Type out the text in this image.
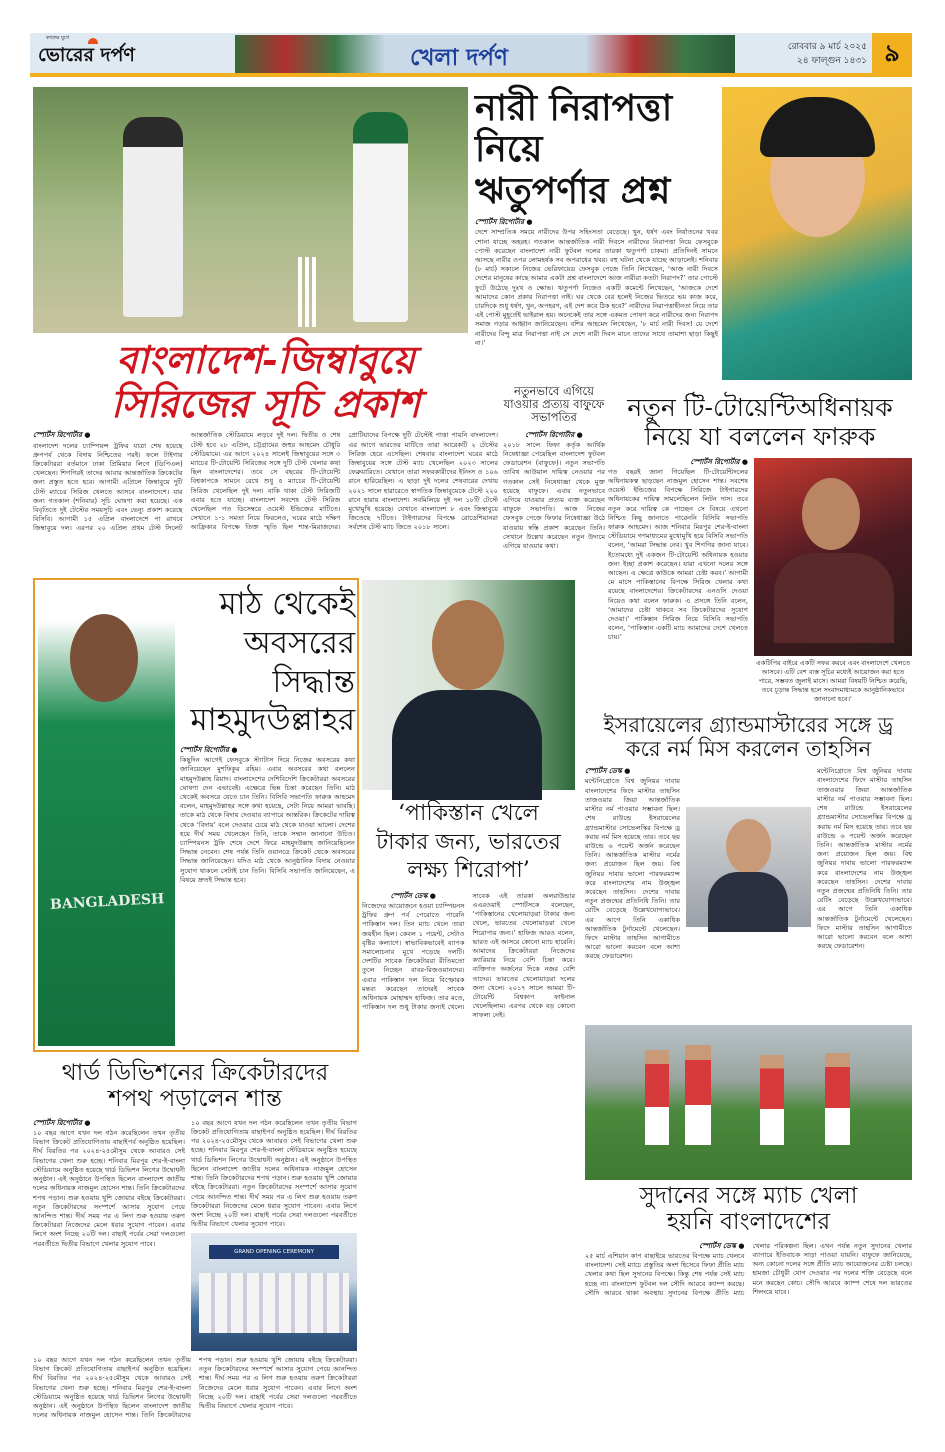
কালের যুগে
ভোরের দর্পণ	খেলা দর্পণ	রোববার ৯ মার্চ ২০২৫
২৪ ফাল্গুন ১৪৩১ ৯
বাংলাদেশ-জিম্বাবুয়ে
সিরিজের সূচি প্রকাশ
স্পোর্টস রিপোর্টার ●
বাংলাদেশ দলের চ্যাম্পিয়ন্স ট্রফির যাত্রা শেষ হয়েছে গ্রুপপর্ব থেকে বিদায় নিশ্চিতের পরই। ফলে টাইগার ক্রিকেটাররা বর্তমানে ঢাকা প্রিমিয়ার লিগে (ডিপিএল) খেলছেন। শিগগিরই তাদের আবার আন্তর্জাতিক ক্রিকেটের জন্য প্রস্তুত হতে হবে। আগামী এপ্রিলে জিম্বাবুয়ে দুটি টেস্ট ম্যাচের সিরিজ খেলতে আসবে বাংলাদেশে। যার জন্য গতকাল (শনিবার) সূচি ঘোষণা করা হয়েছে। এক বিবৃতিতে দুই টেস্টের সময়সূচি এবং ভেন্যু প্রকাশ করেছে বিসিবি। আগামী ১৫ এপ্রিল বাংলাদেশে পা রাখবে জিম্বাবুয়ে দল। এরপর ২০ এপ্রিল প্রথম টেস্ট সিলেট আন্তর্জাতিক স্টেডিয়ামে লড়বে দুই দল। দ্বিতীয় ও শেষ টেস্ট হবে ২৮ এপ্রিল, চট্টগ্রামের জহুর আহমেদ চৌধুরি স্টেডিয়ামে। এর আগে ২০২৪ সালেই জিম্বাবুয়ের সঙ্গে ৩ ম্যাচের টি-টোয়েন্টি সিরিজের সঙ্গে দুটি টেস্ট খেলার কথা ছিল বাংলাদেশের। তবে সে বছরের টি-টোয়েন্টি বিশ্বকাপকে সামনে রেখে শুধু ৫ ম্যাচের টি-টোয়েন্টি সিরিজ খেলেছিল দুই দল। বাকি থাকা টেস্ট সিরিজটি এবার হতে যাচ্ছে। বাংলাদেশ সবশেষ টেস্ট সিরিজ খেলেছিল গত ডিসেম্বরে ওয়েস্ট ইন্ডিজের মাটিতে। সেখানে ১-১ সমতা নিয়ে ফিরলেও, ঘরের মাঠে দক্ষিণ আফ্রিকার বিপক্ষে তিক্ত স্মৃতি ছিল শান্ত-মিরাজদের। প্রোটিয়াদের বিপক্ষে দুটি টেস্টেই পাত্তা পায়নি বাংলাদেশ। এর আগে ভারতের মাটিতে তারা আরেকটি ২ টেস্টের সিরিজ হেরে এসেছিল। শেষবার বাংলাদেশ ঘরের মাঠে জিম্বাবুয়ের সঙ্গে টেস্ট ম্যাচ খেলেছিল ২০২৩ সালের ফেব্রুয়ারিতে। যেখানে তারা সফরকারীদের ইনিংস ও ১০৬ রানে হারিয়েছিল। এ ছাড়া দুই দলের শেষবারের দেখায় ২০২১ সালে হারারেতে স্বাগতিক জিম্বাবুয়েকে টেস্টে ২২০ রানে হারায় বাংলাদেশ। সবমিলিয়ে দুই দল ১৮টি টেস্টে মুখোমুখি হয়েছে। যেখানে বাংলাদেশ ৮ এবং জিম্বাবুয়ে জিতেছে ৭টিতে। টাইগারদের বিপক্ষে রোডেশিয়ানরা সর্বশেষ টেস্ট ম্যাচ জিতে ২০১৮ সালে।
নারী নিরাপত্তা নিয়ে
ঋতুপর্ণার প্রশ্ন
স্পোর্টস রিপোর্টার ●
দেশে সাম্প্রতিক সময়ে নারীদের উপর সহিংসতা বেড়েছে। খুন, ধর্ষণ এবং নির্যাতনের খবর শোনা যাচ্ছে অহরহ। গতকাল আন্তর্জাতিক নারী দিবসে নারীদের নিরাপত্তা নিয়ে ফেসবুকে পোস্ট করেছেন বাংলাদেশ নারী ফুটবল দলের তারকা ঋতুপর্ণা চাকমা। প্রতিদিনই সামনে আসছে নারীর ওপর লোমহর্ষক সব অপরাধের খবর। বহু ঘটনা থেকে যাচ্ছে আড়ালেই। শনিবার (৮ মার্চ) সকালে নিজের ভেরিফায়েড ফেসবুক পেজে তিনি লিখেছেন, ‘আজ নারী দিবসে দেশের মানুষের কাছে আমার একটা প্রশ্ন বাংলাদেশে আজ নারীরা কতটা নিরাপদ?’ তার পোস্টে ফুটে উঠেছে দুঃখ ও ক্ষোভ। ঋতুপর্ণা নিজেও একটি কমেন্টে লিখেছেন, ‘আজকে দেশে আমাদের কোন প্রকার নিরাপত্তা নাই। ঘর থেকে বের হলেই নিজের ভিতরে ভয় কাজ করে, চারদিকে শুধু ধর্ষণ, খুন, অপহরণ, এই দেশ কবে ঠিক হবে?’ নারীদের নিরাপত্তাহীনতা নিয়ে তার এই পোস্ট মুহূর্তেই ভাইরাল হয়। অনেকেই তার সঙ্গে একমত পোষণ করে নারীদের জন্য নিরাপদ সমাজ গড়ার আহ্বান জানিয়েছেন। বশির আহমেদ লিখেছেন, ‘৮ মার্চ নারী দিবস! যে দেশে নারীদের বিন্দু মাত্র নিরাপত্তা নাই সে দেশে নারী দিবস মানে তাদের সাথে তামাশা ছাড়া কিছুই না।’
নতুনভাবে এগিয়ে যাওয়ার প্রত্যয় বাফুফে সভাপতির
স্পোর্টস রিপোর্টার ●
২০১৮ সালে ফিফা কর্তৃক আর্থিক নিষেধাজ্ঞা পেয়েছিল বাংলাদেশ ফুটবল ফেডারেশন (বাফুফে)। নতুন সভাপতি তাবিথ আউয়াল দায়িত্ব নেওয়ার পর গতকাল সেই নিষেধাজ্ঞা থেকে মুক্ত হয়েছে বাফুফে। এবার নতুনভাবে এগিয়ে যাওয়ার প্রত্যয় ব্যক্ত করেছেন বাফুফে সভাপতি। আজ নিজের ফেসবুক পেজে ফিফার নিষেধাজ্ঞা উঠে যাওয়ায় স্বস্তি প্রকাশ করেছেন তিনি। সেখানে উল্লেখ করেছেন নতুন উদ্যমে এগিয়ে যাওয়ার কথা।
নতুন টি-টোয়েন্টিঅধিনায়ক
নিয়ে যা বললেন ফারুক
স্পোর্টস রিপোর্টার ●
গত বছরই জানা গিয়েছিল টি-টোয়েন্টিদলের অধিনায়কত্ব ছাড়ছেন নাজমুল হোসেন শান্ত। সবশেষ ওয়েস্ট ইন্ডিজের বিপক্ষে সিরিজে টাইগারদের অধিনায়কের দায়িত্ব সামলেছিলেন লিটন দাস। তবে নতুন করে দায়িত্ব কে পাচ্ছেন সে বিষয়ে এখনো নিশ্চিত কিছু জানাতে পারেননি বিসিবি সভাপতি ফারুক আহমেদ। আজ শনিবার মিরপুর শের-ই-বাংলা স্টেডিয়ামে গণমাধ্যমের মুখোমুখি হয়ে বিসিবি সভাপতি বলেন, ‘আমরা সিদ্ধান্ত নেব। খুব শিগগির জানা যাবে। ইতোমধ্যে দুই একজন টি-টোয়েন্টি অধিনায়ক হওয়ার জন্য ইচ্ছা প্রকাশ করেছেন। যারা এখনো দলের সঙ্গে আছেন। এ ক্ষেত্রে কাউকে আমরা চেষ্টা করব।’ আগামী মে মাসে পাকিস্তানের বিপক্ষে সিরিজ খেলার কথা রয়েছে বাংলাদেশের। ক্রিকেটারদের এনওসি দেওয়া নিয়েও কথা বলেন ফারুক। এ প্রসঙ্গে তিনি বলেন, ‘আমাদের চেষ্টা থাকবে সব ক্রিকেটারদের সুযোগ দেওয়া।’ পাকিস্তান সিরিজ নিয়ে বিসিবি সভাপতি বলেন, ‘পাকিস্তান একটি ম্যাচ আমাদের দেশে খেলতে চায়।’
একটিপির বাইরে একটি সফর করবে এবং বাংলাদেশে খেলতে আসবে। এটি বেশ ব্যস্ত সূচির মধ্যেই আয়োজন করা হতে পারে, সম্ভবত জুলাই মাসে। আমরা বিষয়টি নিশ্চিত করেছি, তবে চূড়ান্ত সিদ্ধান্ত হলে সংবাদমাধ্যমকে আনুষ্ঠানিকভাবে জানানো হবে।’
BANGLADESH
মাঠ থেকেই
অবসরের সিদ্ধান্ত
মাহমুদউল্লাহর
স্পোর্টস রিপোর্টার ●
কিছুদিন আগেই ফেসবুকে স্ট্যাটাস দিয়ে নিজের অবসরের কথা জানিয়েছেন মুশফিকুর রহিম। এবার অবসরের কথা বললেন মাহমুদউল্লাহ রিয়াদ। বাংলাদেশের দেশিবিদেশি ক্রিকেটাররা অবসরের ঘোষণা দেন এভাবেই। এক্ষেত্রে ভিন্ন চিন্তা করেছেন তিনি। মাঠ থেকেই অবসরে যেতে চান তিনি। বিসিবি সভাপতি ফারুক আহমেদ বলেন, মাহমুদউল্লাহর সঙ্গে কথা হয়েছে, সেটা নিয়ে আমরা ভাবছি। তাকে মাঠ থেকে বিদায় দেওয়ার ব্যাপারে আন্তরিক। ক্রিকেটের দায়িত্ব থেকে ‘বিদায়’ বলে দেওয়ার চেয়ে মাঠ থেকে যাওয়া ভালো। দেশের হয়ে দীর্ঘ সময় খেলেছেন তিনি, তাকে সম্মান জানানো উচিত। চ্যাম্পিয়নস ট্রফি শেষে দেশে ফিরে মাহমুদউল্লাহ জানিয়েছিলেন সিদ্ধান্ত নেবেন। শেষ পর্যন্ত তিনি ওয়ানডে ক্রিকেট থেকে অবসরের সিদ্ধান্ত জানিয়েছেন। যদিও মাঠ থেকে আনুষ্ঠানিক বিদায় নেওয়ার সুযোগ থাকলে সেটাই চান তিনি। বিসিবি সভাপতি জানিয়েছেন, এ বিষয়ে দ্রুতই সিদ্ধান্ত হবে।
‘পাকিস্তান খেলে
টাকার জন্য, ভারতের
লক্ষ্য শিরোপা’
স্পোর্টস ডেস্ক ●
নিজেদের আয়োজনে হওয়া চ্যাম্পিয়নস ট্রফির গ্রুপ পর্ব পেরোতে পারেনি পাকিস্তান দল। তিন ম্যাচ খেলে তারা জয়হীন ছিল। কেবল ১ পয়েন্ট, সেটাও বৃষ্টির কল্যাণে। স্বাভাবিকভাবেই ব্যাপক সমালোচনার মুখে পড়েছে দলটি। দেশটির সাবেক ক্রিকেটাররা রীতিমতো তুলে নিচ্ছেন বাবর-রিজওয়ানদের। এবার পাকিস্তান দল নিয়ে বিস্ফোরক মন্তব্য করেছেন তাদেরই সাবেক অধিনায়ক মোহাম্মদ হাফিজ। তার মতে, পাকিস্তান দল শুধু টাকার জন্যই খেলে। সাবেক এই তারকা অলরাউন্ডার এএরওয়াই স্পোর্টসকে বলেছেন, ‘পাকিস্তানের খেলোয়াড়রা টাকার জন্য খেলে, ভারতের খেলোয়াড়রা খেলে শিরোপার জন্য।’ হাফিজ আরও বলেন, ভারত এই আসরে কোনো ম্যাচ হারেনি। আমাদের ক্রিকেটাররা নিজেদের ক্যারিয়ার নিয়ে বেশি চিন্তা করে। ব্যক্তিগত অর্জনের দিকে নজর বেশি তাদের। ভারতের খেলোয়াড়রা দলের জন্য খেলে। ২০১৭ সালে আমরা টি-টোয়েন্টি বিশ্বকাপ ফাইনাল খেলেছিলাম। এরপর থেকে বড় কোনো সাফল্য নেই।
ইসরায়েলের গ্র্যান্ডমাস্টারের সঙ্গে ড্র
করে নর্ম মিস করলেন তাহসিন
স্পোর্টস ডেস্ক ●
মন্টেনিগ্রোতে বিশ্ব জুনিয়র দাবায় বাংলাদেশের ফিদে মাস্টার তাহসিন তাজওয়ার জিয়া আন্তর্জাতিক মাস্টার নর্ম পাওয়ার সম্ভাবনা ছিল। শেষ রাউন্ডে ইসরায়েলের গ্র্যান্ডমাস্টার সোভেলস্কির বিপক্ষে ড্র করায় নর্ম মিস হয়েছে তার। তবে ছয় রাউন্ডে ৬ পয়েন্ট অর্জন করেছেন তিনি। আন্তর্জাতিক মাস্টার নর্মের জন্য প্রয়োজন ছিল জয়। বিশ্ব জুনিয়র দাবায় ভালো পারফরম্যান্স করে বাংলাদেশের নাম উজ্জ্বল করেছেন তাহসিন। দেশের দাবায় নতুন প্রজন্মের প্রতিনিধি তিনি। তার রেটিং বেড়েছে উল্লেখযোগ্যভাবে। এর আগে তিনি একাধিক আন্তর্জাতিক টুর্নামেন্টে খেলেছেন। ফিদে মাস্টার তাহসিন আগামীতে আরো ভালো করবেন বলে আশা করছে ফেডারেশন।
মন্টেনিগ্রোতে বিশ্ব জুনিয়র দাবায় বাংলাদেশের ফিদে মাস্টার তাহসিন তাজওয়ার জিয়া আন্তর্জাতিক মাস্টার নর্ম পাওয়ার সম্ভাবনা ছিল। শেষ রাউন্ডে ইসরায়েলের গ্র্যান্ডমাস্টার সোভেলস্কির বিপক্ষে ড্র করায় নর্ম মিস হয়েছে তার। তবে ছয় রাউন্ডে ৬ পয়েন্ট অর্জন করেছেন তিনি। আন্তর্জাতিক মাস্টার নর্মের জন্য প্রয়োজন ছিল জয়। বিশ্ব জুনিয়র দাবায় ভালো পারফরম্যান্স করে বাংলাদেশের নাম উজ্জ্বল করেছেন তাহসিন। দেশের দাবায় নতুন প্রজন্মের প্রতিনিধি তিনি। তার রেটিং বেড়েছে উল্লেখযোগ্যভাবে। এর আগে তিনি একাধিক আন্তর্জাতিক টুর্নামেন্টে খেলেছেন। ফিদে মাস্টার তাহসিন আগামীতে আরো ভালো করবেন বলে আশা করছে ফেডারেশন।
সুদানের সঙ্গে ম্যাচ খেলা
হয়নি বাংলাদেশের
স্পোর্টস ডেস্ক ●
২৫ মার্চ এশিয়ান কাপ বাছাইয়ে ভারতের বিপক্ষে ম্যাচ খেলবে বাংলাদেশ। সেই ম্যাচে প্রস্তুতির অংশ হিসেবে ফিফা প্রীতি ম্যাচ খেলার কথা ছিল সুদানের বিপক্ষে। কিন্তু শেষ পর্যন্ত সেই ম্যাচ হচ্ছে না। বাংলাদেশ ফুটবল দল সৌদি আরবে ক্যাম্প করছে। সৌদি আরবে থাকা অবস্থায় সুদানের বিপক্ষে প্রীতি ম্যাচ খেলার পরিকল্পনা ছিল। এখন পর্যন্ত নতুন সুদানের খেলার ব্যাপারে ইতিবাচক সাড়া পাওয়া যায়নি। বাফুফে জানিয়েছে, অন্য কোনো দলের সঙ্গে প্রীতি ম্যাচ আয়োজনের চেষ্টা চলছে। হামজা চৌধুরী যোগ দেওয়ার পর দলের শক্তি বেড়েছে বলে মনে করছেন কোচ। সৌদি আরবে ক্যাম্প শেষে দল ভারতের শিলংয়ে যাবে।
থার্ড ডিভিশনের ক্রিকেটারদের
শপথ পড়ালেন শান্ত
স্পোর্টস রিপোর্টার ●
১০ বছর আগে যখন দল গঠন করেছিলেন তখন তৃতীয় বিভাগ ক্রিকেট প্রতিযোগিতায় বাছাইপর্ব অনুষ্ঠিত হয়েছিল। দীর্ঘ বিরতির পর ২০২৪-২৫মৌসুম থেকে আবারও সেই বিভাগের খেলা শুরু হচ্ছে। শনিবার মিরপুর শের-ই-বাংলা স্টেডিয়ামে অনুষ্ঠিত হয়েছে থার্ড ডিভিশন লিগের উদ্বোধনী অনুষ্ঠান। এই অনুষ্ঠানে উপস্থিত ছিলেন বাংলাদেশ জাতীয় দলের অধিনায়ক নাজমুল হোসেন শান্ত। তিনি ক্রিকেটারদের শপথ পড়ান। শুরু হওয়ায় খুশি জোয়ার বইছে ক্রিকেটাররা। নতুন ক্রিকেটারদের সংস্পর্শে আসার সুযোগ পেয়ে আনন্দিত শান্ত। দীর্ঘ সময় পর এ লিগ শুরু হওয়ায় তরুণ ক্রিকেটাররা নিজেদের মেলে ধরার সুযোগ পাবেন। এবার লিগে অংশ নিচ্ছে ২০টি দল। বাছাই পর্বের সেরা দলগুলো পরবর্তীতে দ্বিতীয় বিভাগে খেলার সুযোগ পাবে।
১০ বছর আগে যখন দল গঠন করেছিলেন তখন তৃতীয় বিভাগ ক্রিকেট প্রতিযোগিতায় বাছাইপর্ব অনুষ্ঠিত হয়েছিল। দীর্ঘ বিরতির পর ২০২৪-২৫মৌসুম থেকে আবারও সেই বিভাগের খেলা শুরু হচ্ছে। শনিবার মিরপুর শের-ই-বাংলা স্টেডিয়ামে অনুষ্ঠিত হয়েছে থার্ড ডিভিশন লিগের উদ্বোধনী অনুষ্ঠান। এই অনুষ্ঠানে উপস্থিত ছিলেন বাংলাদেশ জাতীয় দলের অধিনায়ক নাজমুল হোসেন শান্ত। তিনি ক্রিকেটারদের শপথ পড়ান। শুরু হওয়ায় খুশি জোয়ার বইছে ক্রিকেটাররা। নতুন ক্রিকেটারদের সংস্পর্শে আসার সুযোগ পেয়ে আনন্দিত শান্ত। দীর্ঘ সময় পর এ লিগ শুরু হওয়ায় তরুণ ক্রিকেটাররা নিজেদের মেলে ধরার সুযোগ পাবেন। এবার লিগে অংশ নিচ্ছে ২০টি দল। বাছাই পর্বের সেরা দলগুলো পরবর্তীতে দ্বিতীয় বিভাগে খেলার সুযোগ পাবে।
GRAND OPENING CEREMONY
১০ বছর আগে যখন দল গঠন করেছিলেন তখন তৃতীয় বিভাগ ক্রিকেট প্রতিযোগিতায় বাছাইপর্ব অনুষ্ঠিত হয়েছিল। দীর্ঘ বিরতির পর ২০২৪-২৫মৌসুম থেকে আবারও সেই বিভাগের খেলা শুরু হচ্ছে। শনিবার মিরপুর শের-ই-বাংলা স্টেডিয়ামে অনুষ্ঠিত হয়েছে থার্ড ডিভিশন লিগের উদ্বোধনী অনুষ্ঠান। এই অনুষ্ঠানে উপস্থিত ছিলেন বাংলাদেশ জাতীয় দলের অধিনায়ক নাজমুল হোসেন শান্ত। তিনি ক্রিকেটারদের শপথ পড়ান। শুরু হওয়ায় খুশি জোয়ার বইছে ক্রিকেটাররা। নতুন ক্রিকেটারদের সংস্পর্শে আসার সুযোগ পেয়ে আনন্দিত শান্ত। দীর্ঘ সময় পর এ লিগ শুরু হওয়ায় তরুণ ক্রিকেটাররা নিজেদের মেলে ধরার সুযোগ পাবেন। এবার লিগে অংশ নিচ্ছে ২০টি দল। বাছাই পর্বের সেরা দলগুলো পরবর্তীতে দ্বিতীয় বিভাগে খেলার সুযোগ পাবে।
